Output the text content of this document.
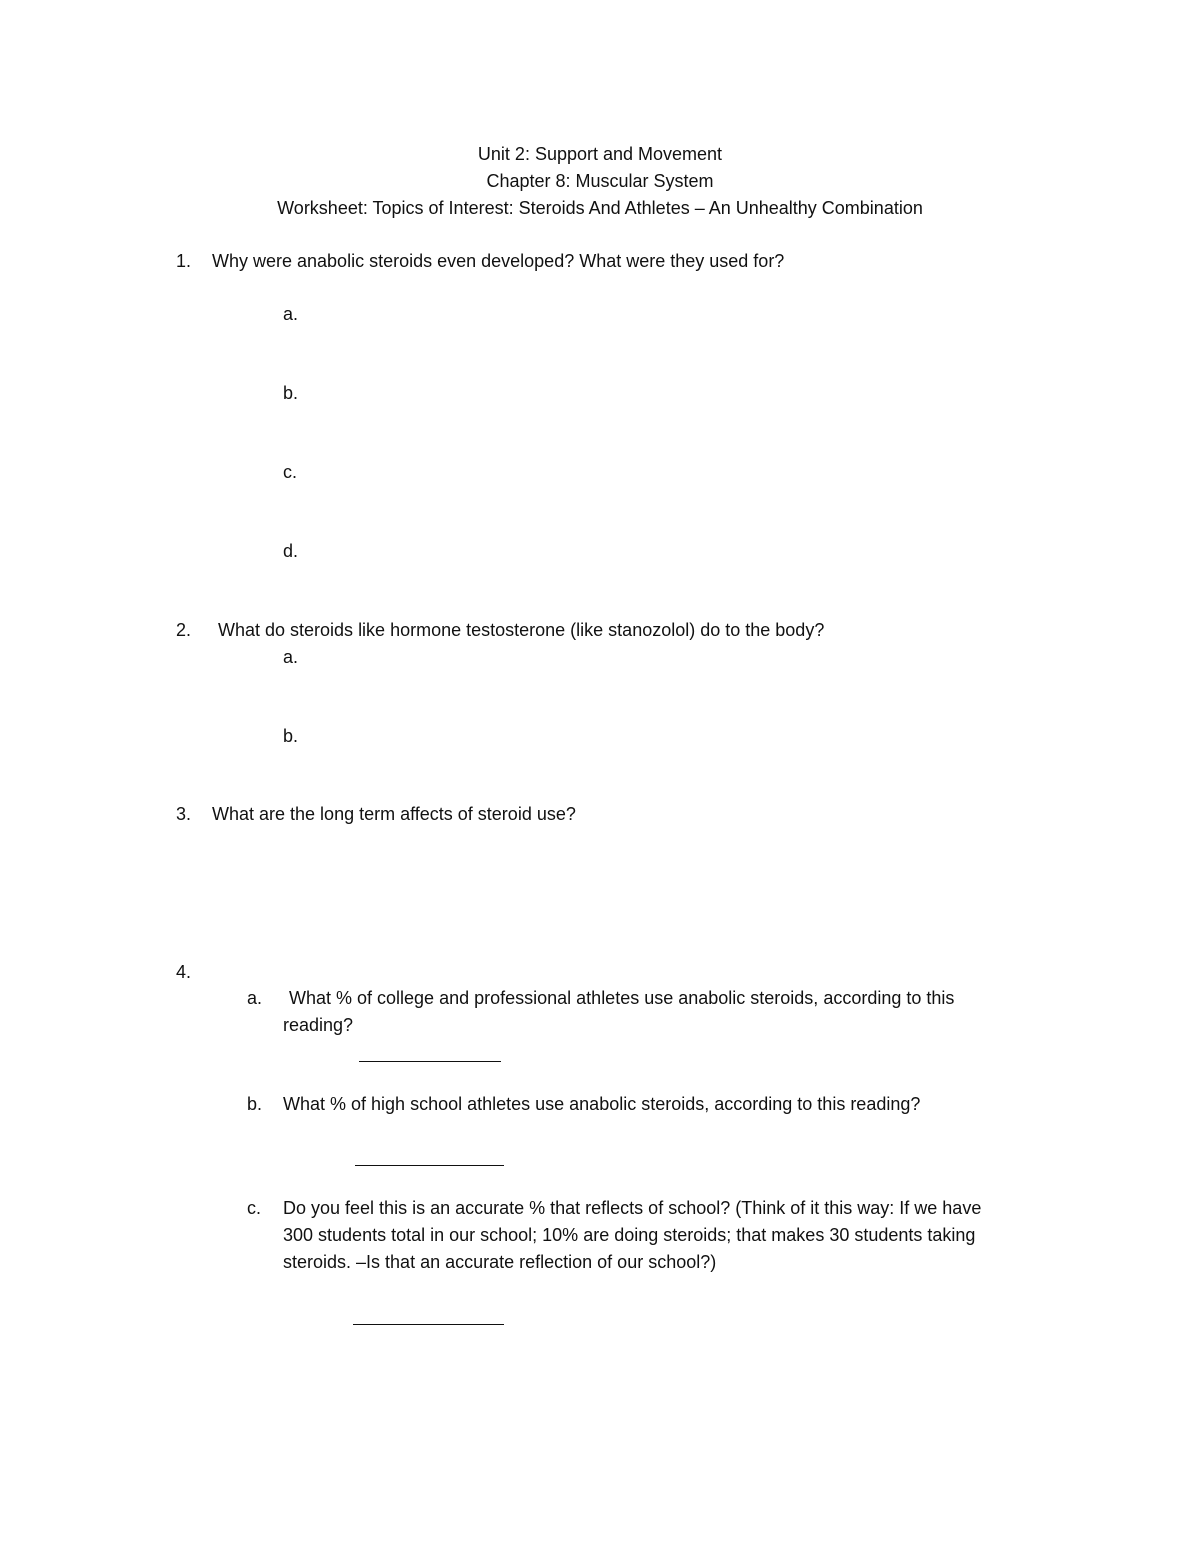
Unit 2: Support and Movement
Chapter 8: Muscular System
Worksheet: Topics of Interest: Steroids And Athletes – An Unhealthy Combination
1. Why were anabolic steroids even developed? What were they used for?
a.
b.
c.
d.
2. What do steroids like hormone testosterone (like stanozolol) do to the body?
a.
b.
3. What are the long term affects of steroid use?
4.
a. What % of college and professional athletes use anabolic steroids, according to this
reading?
b. What % of high school athletes use anabolic steroids, according to this reading?
c. Do you feel this is an accurate % that reflects of school? (Think of it this way: If we have
300 students total in our school; 10% are doing steroids; that makes 30 students taking
steroids. –Is that an accurate reflection of our school?)
